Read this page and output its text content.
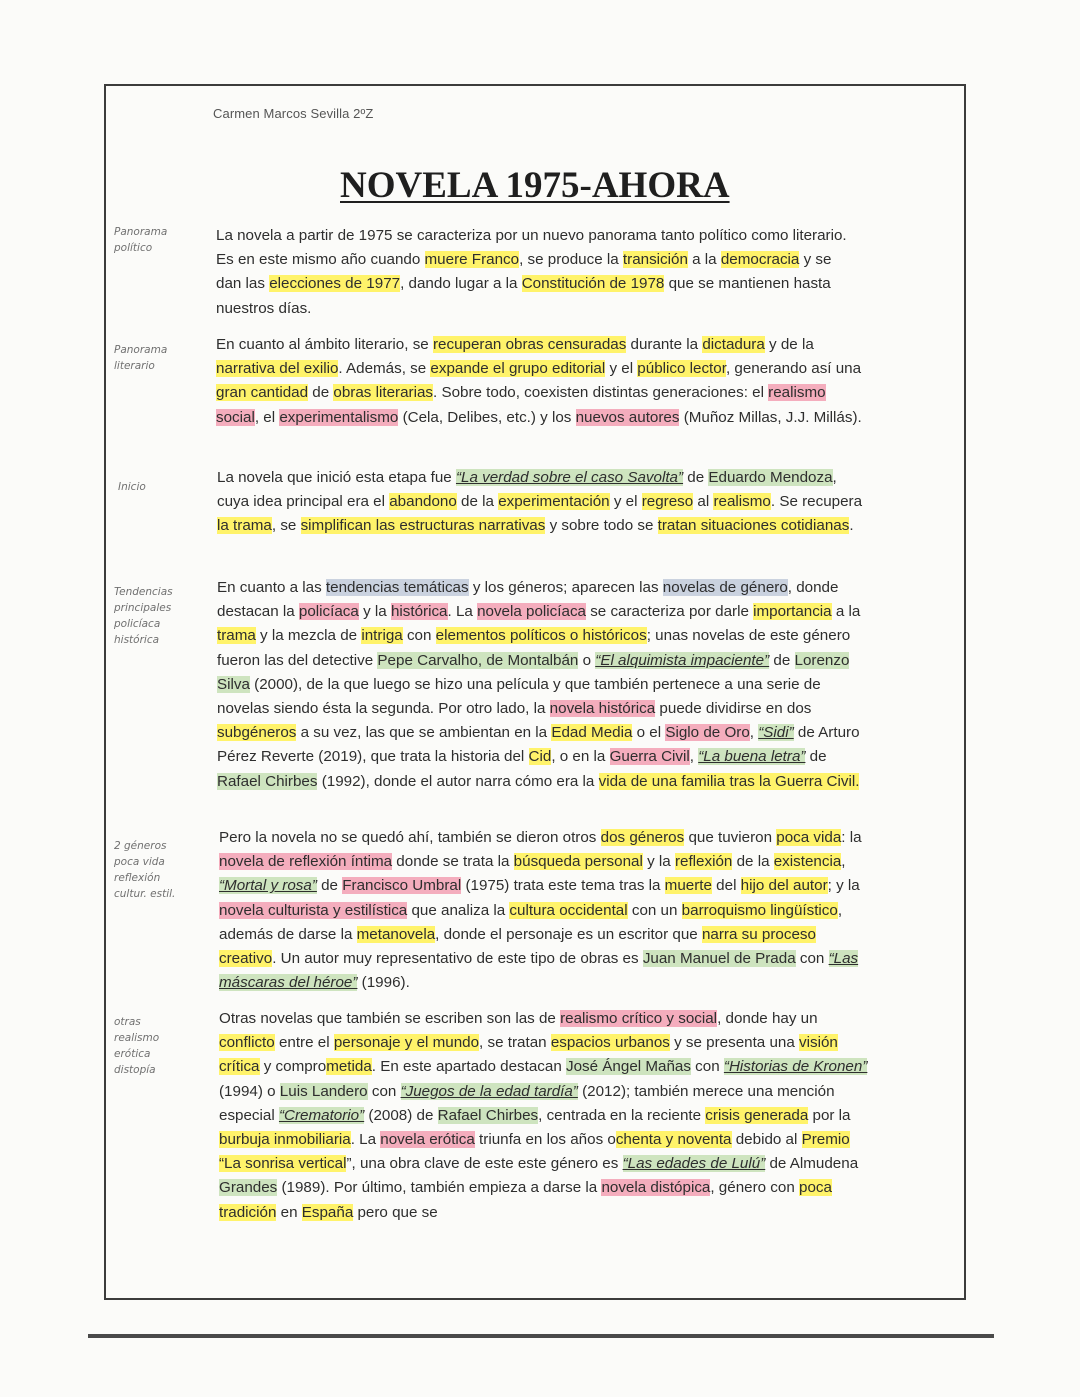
Carmen Marcos Sevilla 2ºZ
NOVELA 1975-AHORA
Panorama
político
Panorama
literario
Inicio
Tendencias
principales
policíaca
histórica
2 géneros
poca vida
reflexión
cultur. estil.
otras
realismo
erótica
distopía

La novela a partir de 1975 se caracteriza por un nuevo panorama tanto político como literario. Es en este mismo año cuando muere Franco, se produce la transición a la democracia y se dan las elecciones de 1977, dando lugar a la Constitución de 1978 que se mantienen hasta nuestros días.

En cuanto al ámbito literario, se recuperan obras censuradas durante la dictadura y de la narrativa del exilio. Además, se expande el grupo editorial y el público lector, generando así una gran cantidad de obras literarias. Sobre todo, coexisten distintas generaciones: el realismo social, el experimentalismo (Cela, Delibes, etc.) y los nuevos autores (Muñoz Millas, J.J. Millás).

La novela que inició esta etapa fue “La verdad sobre el caso Savolta” de Eduardo Mendoza, cuya idea principal era el abandono de la experimentación y el regreso al realismo. Se recupera la trama, se simplifican las estructuras narrativas y sobre todo se tratan situaciones cotidianas.

En cuanto a las tendencias temáticas y los géneros; aparecen las novelas de género, donde destacan la policíaca y la histórica. La novela policíaca se caracteriza por darle importancia a la trama y la mezcla de intriga con elementos políticos o históricos; unas novelas de este género fueron las del detective Pepe Carvalho, de Montalbán o “El alquimista impaciente” de Lorenzo Silva (2000), de la que luego se hizo una película y que también pertenece a una serie de novelas siendo ésta la segunda. Por otro lado, la novela histórica puede dividirse en dos subgéneros a su vez, las que se ambientan en la Edad Media o el Siglo de Oro, “Sidi” de Arturo Pérez Reverte (2019), que trata la historia del Cid, o en la Guerra Civil, “La buena letra” de Rafael Chirbes (1992), donde el autor narra cómo era la vida de una familia tras la Guerra Civil.

Pero la novela no se quedó ahí, también se dieron otros dos géneros que tuvieron poca vida: la novela de reflexión íntima donde se trata la búsqueda personal y la reflexión de la existencia, “Mortal y rosa” de Francisco Umbral (1975) trata este tema tras la muerte del hijo del autor; y la novela culturista y estilística que analiza la cultura occidental con un barroquismo lingüístico, además de darse la metanovela, donde el personaje es un escritor que narra su proceso creativo. Un autor muy representativo de este tipo de obras es Juan Manuel de Prada con “Las máscaras del héroe” (1996).

Otras novelas que también se escriben son las de realismo crítico y social, donde hay un conflicto entre el personaje y el mundo, se tratan espacios urbanos y se presenta una visión crítica y comprometida. En este apartado destacan José Ángel Mañas con “Historias de Kronen” (1994) o Luis Landero con “Juegos de la edad tardía” (2012); también merece una mención especial “Crematorio” (2008) de Rafael Chirbes, centrada en la reciente crisis generada por la burbuja inmobiliaria. La novela erótica triunfa en los años ochenta y noventa debido al Premio “La sonrisa vertical”, una obra clave de este este género es “Las edades de Lulú” de Almudena Grandes (1989). Por último, también empieza a darse la novela distópica, género con poca tradición en España pero que se
